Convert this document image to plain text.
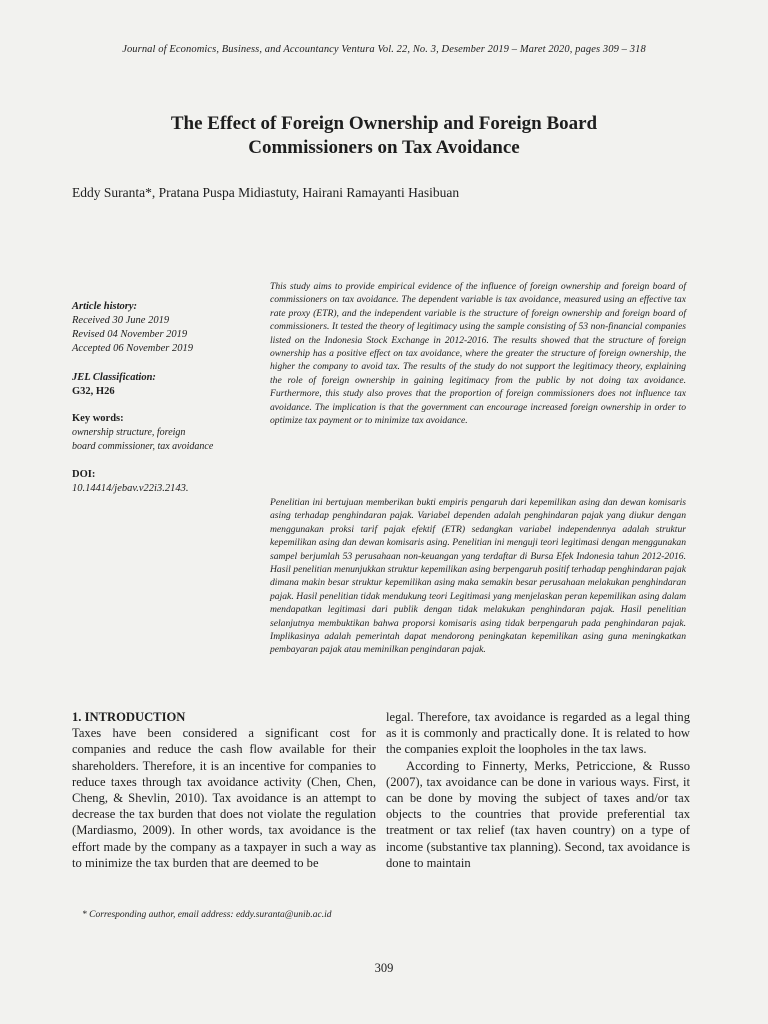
Journal of Economics, Business, and Accountancy Ventura Vol. 22, No. 3, Desember 2019 – Maret 2020, pages 309 – 318
The Effect of Foreign Ownership and Foreign Board
Commissioners on Tax Avoidance
Eddy Suranta*, Pratana Puspa Midiastuty, Hairani Ramayanti Hasibuan
Article history:
Received 30 June 2019
Revised 04 November 2019
Accepted 06 November 2019
JEL Classification:
G32, H26
Key words:
ownership structure, foreign
board commissioner, tax avoidance
DOI:
10.14414/jebav.v22i3.2143.
This study aims to provide empirical evidence of the influence of foreign ownership and foreign board of commissioners on tax avoidance. The dependent variable is tax avoidance, measured using an effective tax rate proxy (ETR), and the independent variable is the structure of foreign ownership and foreign board of commissioners. It tested the theory of legitimacy using the sample consisting of 53 non-financial companies listed on the Indonesia Stock Exchange in 2012-2016. The results showed that the structure of foreign ownership has a positive effect on tax avoidance, where the greater the structure of foreign ownership, the higher the company to avoid tax. The results of the study do not support the legitimacy theory, explaining the role of foreign ownership in gaining legitimacy from the public by not doing tax avoidance. Furthermore, this study also proves that the proportion of foreign commissioners does not influence tax avoidance. The implication is that the government can encourage increased foreign ownership in order to optimize tax payment or to minimize tax avoidance.
Penelitian ini bertujuan memberikan bukti empiris pengaruh dari kepemilikan asing dan dewan komisaris asing terhadap penghindaran pajak. Variabel dependen adalah penghindaran pajak yang diukur dengan menggunakan proksi tarif pajak efektif (ETR) sedangkan variabel independennya adalah struktur kepemilikan asing dan dewan komisaris asing. Penelitian ini menguji teori legitimasi dengan menggunakan sampel berjumlah 53 perusahaan non-keuangan yang terdaftar di Bursa Efek Indonesia tahun 2012-2016. Hasil penelitian menunjukkan struktur kepemilikan asing berpengaruh positif terhadap penghindaran pajak dimana makin besar struktur kepemilikan asing maka semakin besar perusahaan melakukan penghindaran pajak. Hasil penelitian tidak mendukung teori Legitimasi yang menjelaskan peran kepemilikan asing dalam mendapatkan legitimasi dari publik dengan tidak melakukan penghindaran pajak. Hasil penelitian selanjutnya membuktikan bahwa proporsi komisaris asing tidak berpengaruh pada penghindaran pajak. Implikasinya adalah pemerintah dapat mendorong peningkatan kepemilikan asing guna meningkatkan pembayaran pajak atau meminilkan pengindaran pajak.
1. INTRODUCTION

Taxes have been considered a significant cost for companies and reduce the cash flow available for their shareholders. Therefore, it is an incentive for companies to reduce taxes through tax avoidance activity (Chen, Chen, Cheng, & Shevlin, 2010). Tax avoidance is an attempt to decrease the tax burden that does not violate the regulation (Mardiasmo, 2009). In other words, tax avoidance is the effort made by the company as a taxpayer in such a way as to minimize the tax burden that are deemed to be

legal. Therefore, tax avoidance is regarded as a legal thing as it is commonly and practically done. It is related to how the companies exploit the loopholes in the tax laws.

According to Finnerty, Merks, Petriccione, & Russo (2007), tax avoidance can be done in various ways. First, it can be done by moving the subject of taxes and/or tax objects to the countries that provide preferential tax treatment or tax relief (tax haven country) on a type of income (substantive tax planning). Second, tax avoidance is done to maintain

* Corresponding author, email address: eddy.suranta@unib.ac.id
309
